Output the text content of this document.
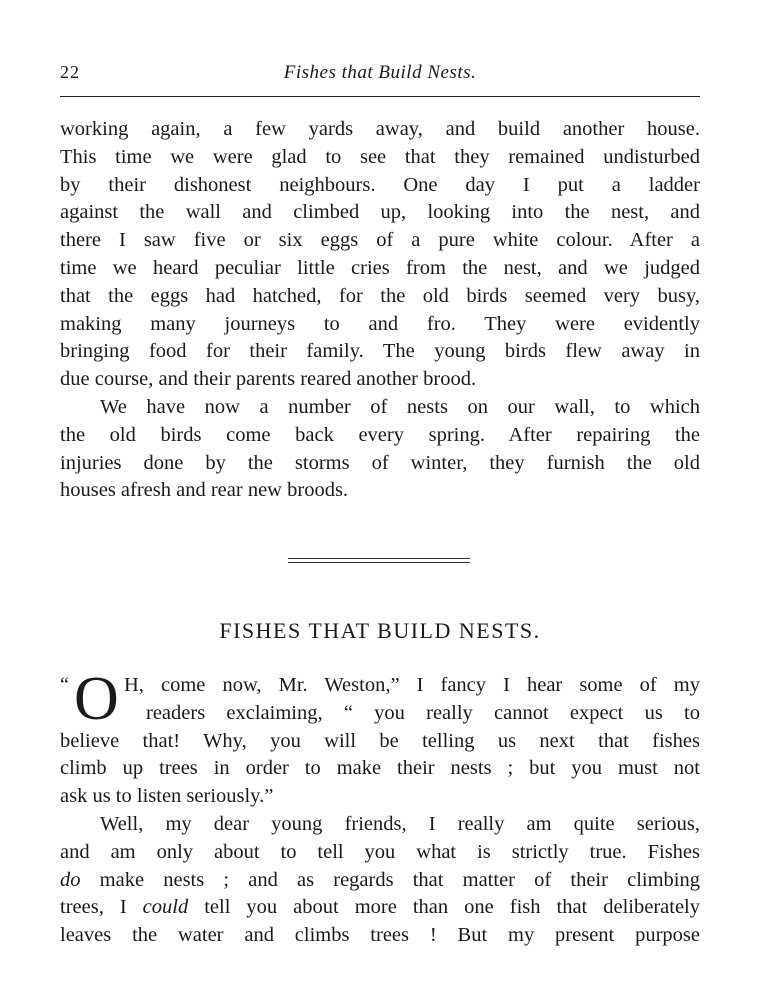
22	Fishes that Build Nests.
working again, a few yards away, and build another house.
This time we were glad to see that they remained undisturbed
by their dishonest neighbours. One day I put a ladder
against the wall and climbed up, looking into the nest, and
there I saw five or six eggs of a pure white colour. After a
time we heard peculiar little cries from the nest, and we judged
that the eggs had hatched, for the old birds seemed very busy,
making many journeys to and fro. They were evidently
bringing food for their family. The young birds flew away in
due course, and their parents reared another brood.
We have now a number of nests on our wall, to which
the old birds come back every spring. After repairing the
injuries done by the storms of winter, they furnish the old
houses afresh and rear new broods.
FISHES THAT BUILD NESTS.
“ O H, come now, Mr. Weston,” I fancy I hear some of my
readers exclaiming, “ you really cannot expect us to
believe that! Why, you will be telling us next that fishes
climb up trees in order to make their nests ; but you must not
ask us to listen seriously.”
Well, my dear young friends, I really am quite serious,
and am only about to tell you what is strictly true. Fishes
do make nests ; and as regards that matter of their climbing
trees, I could tell you about more than one fish that deliberately
leaves the water and climbs trees ! But my present purpose
